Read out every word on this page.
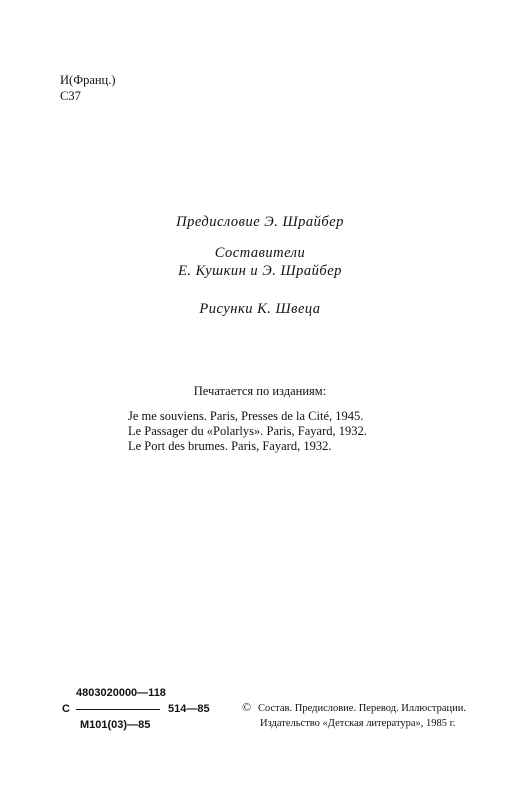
И(Франц.)
С37
Предисловие Э. Шрайбер
Составители
Е. Кушкин и Э. Шрайбер
Рисунки К. Швеца
Печатается по изданиям:
Je me souviens. Paris, Presses de la Cité, 1945.
Le Passager du «Polarlys». Paris, Fayard, 1932.
Le Port des brumes. Paris, Fayard, 1932.
4803020000—118
С	514—85
М101(03)—85
© Состав. Предисловие. Перевод. Иллюстрации.
Издательство «Детская литература», 1985 г.
